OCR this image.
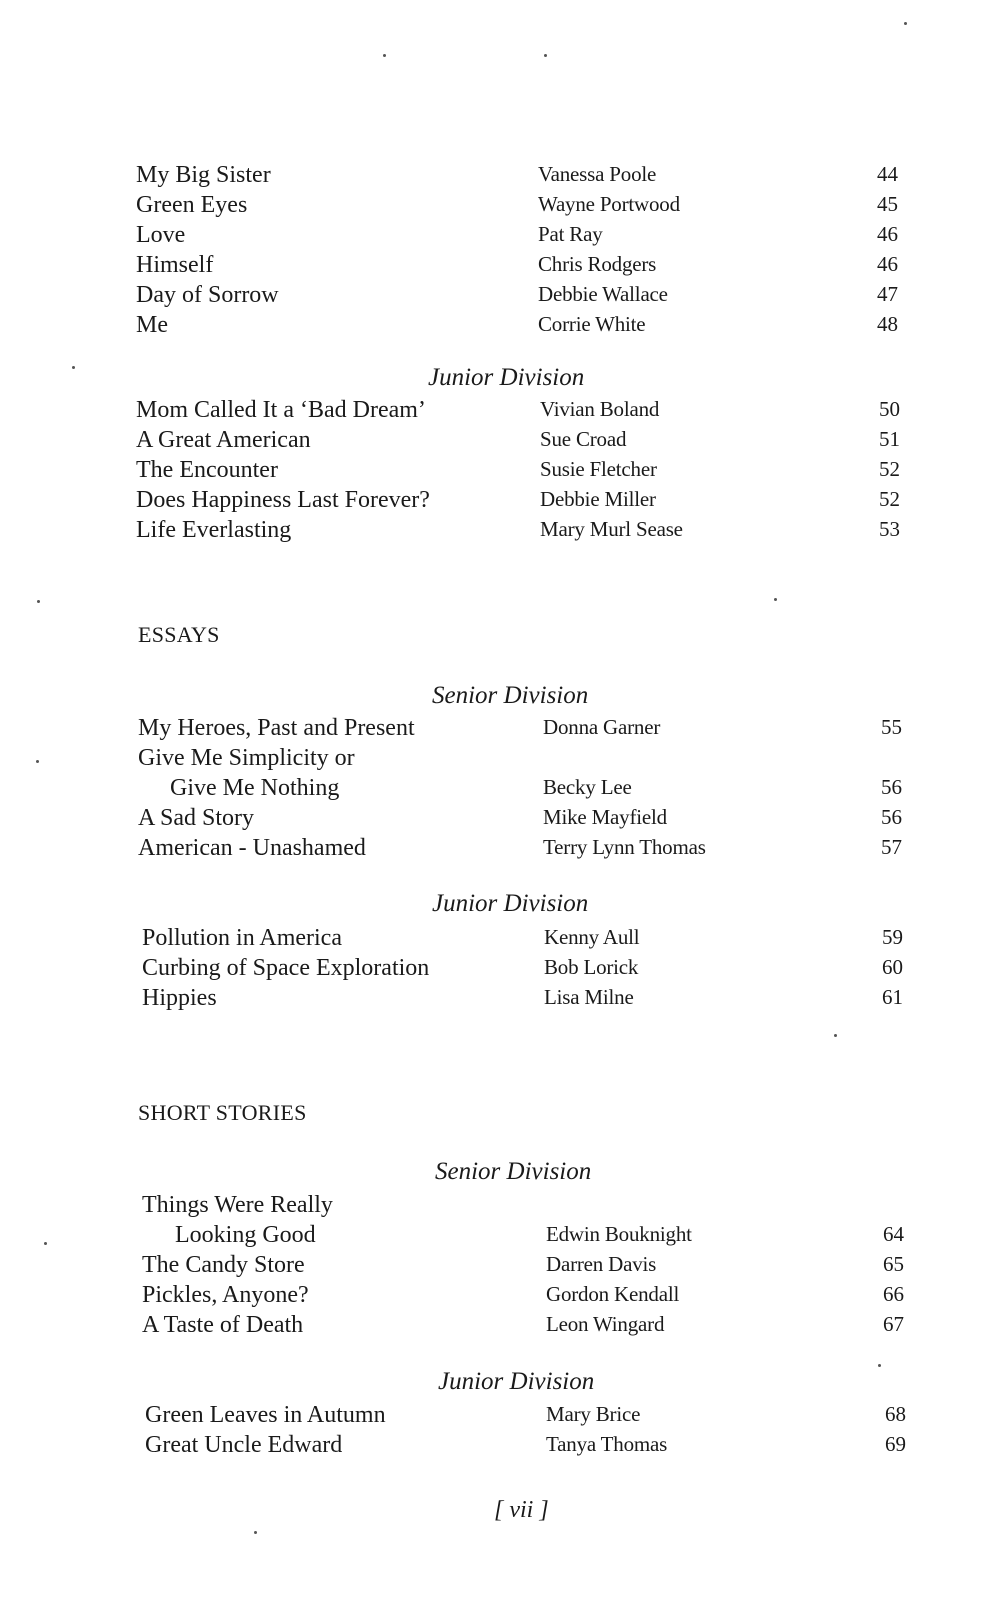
My Big Sister	Vanessa Poole	44
Green Eyes	Wayne Portwood	45
Love	Pat Ray	46
Himself	Chris Rodgers	46
Day of Sorrow	Debbie Wallace	47
Me	Corrie White	48
Junior Division
Mom Called It a ‘Bad Dream’	Vivian Boland	50
A Great American	Sue Croad	51
The Encounter	Susie Fletcher	52
Does Happiness Last Forever?	Debbie Miller	52
Life Everlasting	Mary Murl Sease	53
ESSAYS
Senior Division
My Heroes, Past and Present	Donna Garner	55
Give Me Simplicity or
Give Me Nothing	Becky Lee	56
A Sad Story	Mike Mayfield	56
American - Unashamed	Terry Lynn Thomas	57
Junior Division
Pollution in America	Kenny Aull	59
Curbing of Space Exploration	Bob Lorick	60
Hippies	Lisa Milne	61
SHORT STORIES
Senior Division
Things Were Really
Looking Good	Edwin Bouknight	64
The Candy Store	Darren Davis	65
Pickles, Anyone?	Gordon Kendall	66
A Taste of Death	Leon Wingard	67
Junior Division
Green Leaves in Autumn	Mary Brice	68
Great Uncle Edward	Tanya Thomas	69
[ vii ]
